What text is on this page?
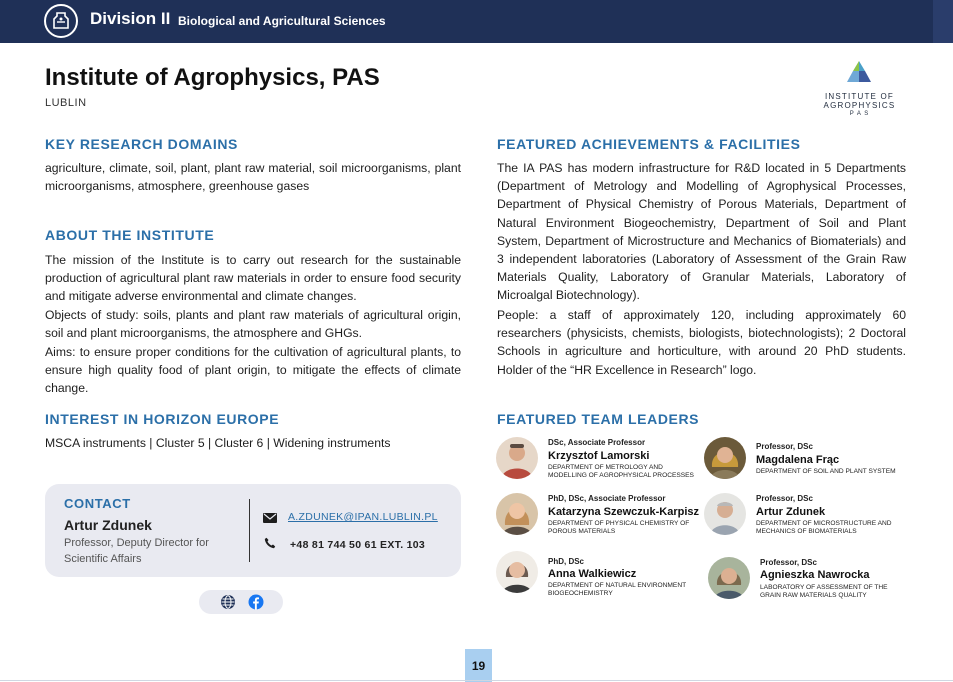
Division II Biological and Agricultural Sciences
Institute of Agrophysics, PAS
LUBLIN
INSTITUTE OF
AGROPHYSICS
P A S
KEY RESEARCH DOMAINS
agriculture, climate, soil, plant, plant raw material, soil microorganisms, plant microorganisms, atmosphere, greenhouse gases
ABOUT THE INSTITUTE
The mission of the Institute is to carry out research for the sustainable production of agricultural plant raw materials in order to ensure food security and mitigate adverse environmental and climate changes.
Objects of study: soils, plants and plant raw materials of agricultural origin, soil and plant microorganisms, the atmosphere and GHGs.
Aims: to ensure proper conditions for the cultivation of agricultural plants, to ensure high quality food of plant origin, to mitigate the effects of climate change.
INTEREST IN HORIZON EUROPE
MSCA instruments | Cluster 5 | Cluster 6 | Widening instruments
CONTACT
Artur Zdunek
Professor, Deputy Director for Scientific Affairs
A.ZDUNEK@IPAN.LUBLIN.PL
+48 81 744 50 61 EXT. 103
FEATURED ACHIEVEMENTS & FACILITIES
The IA PAS has modern infrastructure for R&D located in 5 Departments (Department of Metrology and Modelling of Agrophysical Processes, Department of Physical Chemistry of Porous Materials, Department of Natural Environment Biogeochemistry, Department of Soil and Plant System, Department of Microstructure and Mechanics of Biomaterials) and 3 independent laboratories (Laboratory of Assessment of the Grain Raw Materials Quality, Laboratory of Granular Materials, Laboratory of Microalgal Biotechnology).
People: a staff of approximately 120, including approximately 60 researchers (physicists, chemists, biologists, biotechnologists); 2 Doctoral Schools in agriculture and horticulture, with around 20 PhD students. Holder of the “HR Excellence in Research” logo.
FEATURED TEAM LEADERS
DSc, Associate Professor
Krzysztof Lamorski
DEPARTMENT OF METROLOGY AND MODELLING OF AGROPHYSICAL PROCESSES
Professor, DSc
Magdalena Frąc
DEPARTMENT OF SOIL AND PLANT SYSTEM
PhD, DSc, Associate Professor
Katarzyna Szewczuk-Karpisz
DEPARTMENT OF PHYSICAL CHEMISTRY OF POROUS MATERIALS
Professor, DSc
Artur Zdunek
DEPARTMENT OF MICROSTRUCTURE AND MECHANICS OF BIOMATERIALS
PhD, DSc
Anna Walkiewicz
DEPARTMENT OF NATURAL ENVIRONMENT BIOGEOCHEMISTRY
Professor, DSc
Agnieszka Nawrocka
LABORATORY OF ASSESSMENT OF THE GRAIN RAW MATERIALS QUALITY
19
